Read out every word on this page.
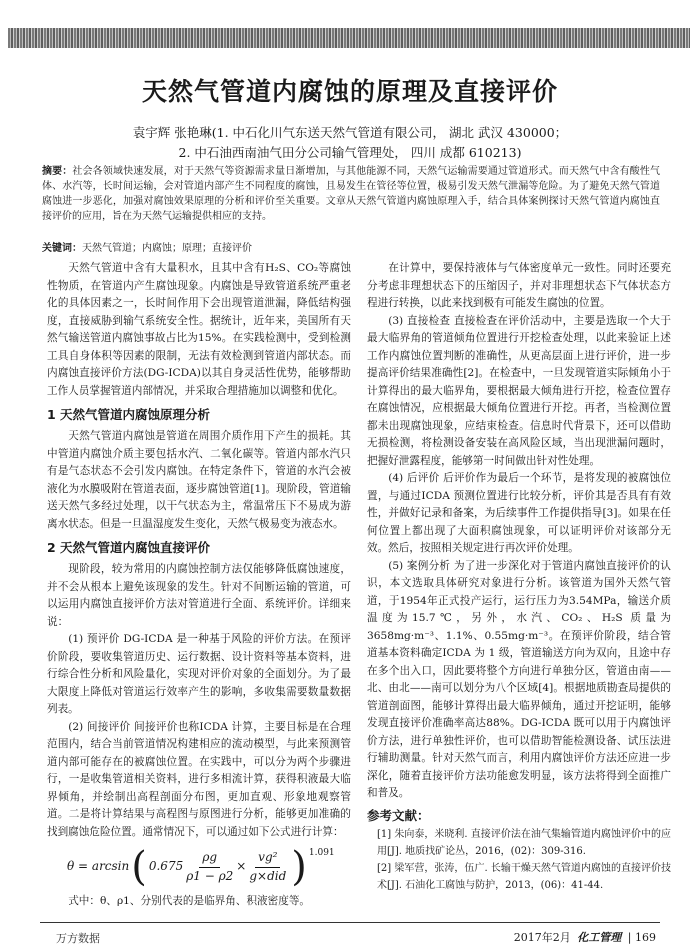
天然气管道内腐蚀的原理及直接评价
袁宇辉 张艳琳(1. 中石化川气东送天然气管道有限公司， 湖北 武汉 430000；
2. 中石油西南油气田分公司输气管理处， 四川 成都 610213)
摘要：社会各领域快速发展，对于天然气等资源需求量日渐增加，与其他能源不同，天然气运输需要通过管道形式。而天然气中含有酸性气体、水汽等，长时间运输，会对管道内部产生不同程度的腐蚀，且易发生在管径等位置，极易引发天然气泄漏等危险。为了避免天然气管道腐蚀进一步恶化，加强对腐蚀效果原理的分析和评价至关重要。文章从天然气管道内腐蚀原理入手，结合具体案例探讨天然气管道内腐蚀直接评价的应用，旨在为天然气运输提供相应的支持。
关键词：天然气管道；内腐蚀；原理；直接评价

天然气管道中含有大量积水，且其中含有H₂S、CO₂等腐蚀性物质，在管道内产生腐蚀现象。内腐蚀是导致管道系统严重老化的具体因素之一，长时间作用下会出现管道泄漏，降低结构强度，直接威胁到输气系统安全性。据统计，近年来，美国所有天然气输送管道内腐蚀事故占比为15%。在实践检测中，受到检测工具自身体积等因素的限制，无法有效检测到管道内部状态。而内腐蚀直接评价方法(DG-ICDA)以其自身灵活性优势，能够帮助工作人员掌握管道内部情况，并采取合理措施加以调整和优化。

1 天然气管道内腐蚀原理分析

天然气管道内腐蚀是管道在周围介质作用下产生的损耗。其中管道内腐蚀介质主要包括水汽、二氧化碳等。管道内部水汽只有是气态状态不会引发内腐蚀。在特定条件下，管道的水汽会被液化为水膜吸附在管道表面，逐步腐蚀管道[1]。现阶段，管道输送天然气多经过处理，以干气状态为主，常温常压下不易成为游离水状态。但是一旦温湿度发生变化，天然气极易变为液态水。

2 天然气管道内腐蚀直接评价

现阶段，较为常用的内腐蚀控制方法仅能够降低腐蚀速度，并不会从根本上避免该现象的发生。针对不间断运输的管道，可以运用内腐蚀直接评价方法对管道进行全面、系统评价。详细来说：

(1) 预评价 DG-ICDA 是一种基于风险的评价方法。在预评价阶段，要收集管道历史、运行数据、设计资料等基本资料，进行综合性分析和风险量化，实现对评价对象的全面划分。为了最大限度上降低对管道运行效率产生的影响，多收集需要数量数据列表。

(2) 间接评价 间接评价也称ICDA 计算，主要目标是在合理范围内，结合当前管道情况构建相应的流动模型，与此来预测管道内部可能存在的被腐蚀位置。在实践中，可以分为两个步骤进行，一是收集管道相关资料，进行多相流计算，获得积液最大临界倾角，并绘制出高程剖面分布图，更加直观、形象地观察管道。二是将计算结果与高程图与原图进行分析，能够更加准确的找到腐蚀危险位置。通常情况下，可以通过如下公式进行计算：

θ = arcsin ( $0.675 \frac{\rho g}{\rho 1 - \rho 2} \times \frac{\text{vg²}}{\text{g×did}} )^{1.091}$

式中：θ、ρ1、分别代表的是临界角、积液密度等。

在计算中，要保持液体与气体密度单元一致性。同时还要充分考虑非理想状态下的压缩因子，并对非理想状态下气体状态方程进行转换，以此来找到极有可能发生腐蚀的位置。

(3) 直接检查 直接检查在评价活动中，主要是选取一个大于最大临界角的管道倾角位置进行开挖检查处理，以此来验证上述工作内腐蚀位置判断的准确性，从更高层面上进行评价，进一步提高评价结果准确性[2]。在检查中，一旦发现管道实际倾角小于计算得出的最大临界角，要根据最大倾角进行开挖，检查位置存在腐蚀情况，应根据最大倾角位置进行开挖。再者，当检测位置都未出现腐蚀现象，应结束检查。信息时代背景下，还可以借助无损检测，将检测设备安装在高风险区域，当出现泄漏问题时，把握好泄露程度，能够第一时间做出针对性处理。

(4) 后评价 后评价作为最后一个环节，是将发现的被腐蚀位置，与通过ICDA 预测位置进行比较分析，评价其是否具有有效性，并做好记录和备案，为后续事件工作提供指导[3]。如果在任何位置上都出现了大面积腐蚀现象，可以证明评价对该部分无效。然后，按照相关规定进行再次评价处理。

(5) 案例分析 为了进一步深化对于管道内腐蚀直接评价的认识，本文选取具体研究对象进行分析。该管道为国外天然气管道，于1954年正式投产运行，运行压力为3.54MPa，输送介质温度为15.7℃，另外，水汽、CO₂、H₂S 质量为3658mg·m⁻³、1.1%、0.55mg·m⁻³。在预评价阶段，结合管道基本资料确定ICDA 为 1 级，管道输送方向为双向，且途中存在多个出入口，因此要将整个方向进行单独分区，管道由南——北、由北——南可以划分为八个区域[4]。根据地质勘查局提供的管道剖面图，能够计算得出最大临界倾角，通过开挖证明，能够发现直接评价准确率高达88%。DG-ICDA 既可以用于内腐蚀评价方法，进行单独性评价，也可以借助智能检测设备、试压法进行辅助测量。针对天然气而言，利用内腐蚀评价方法还应进一步深化，随着直接评价方法功能愈发明显，该方法将得到全面推广和普及。

参考文献：
[1] 朱向泰，米晓利. 直接评价法在油气集输管道内腐蚀评价中的应用[J]. 地质找矿论丛，2016，(02)：309-316.
[2] 梁军营，张涛，伍广. 长输干燥天然气管道内腐蚀的直接评价技术[J]. 石油化工腐蚀与防护，2013，(06)：41-44.
万方数据	2017年2月 化工管理 | 169
